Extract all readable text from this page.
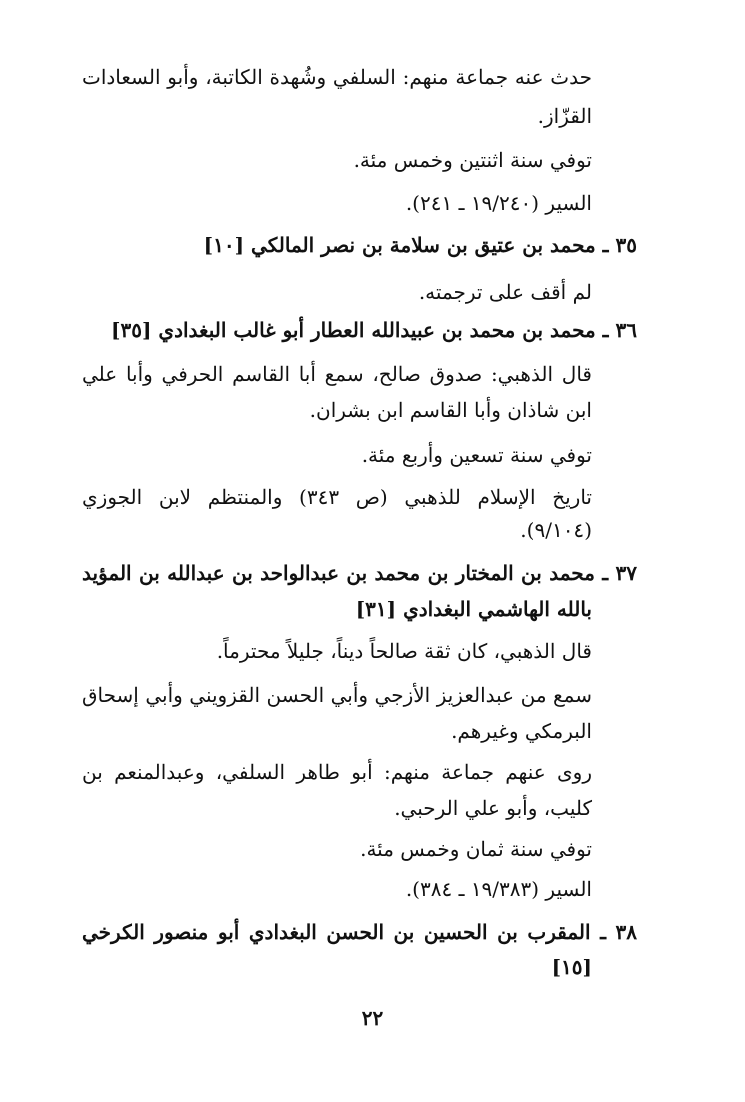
حدث عنه جماعة منهم: السلفي وشُهدة الكاتبة، وأبو السعادات
القزّاز.
توفي سنة اثنتين وخمس مئة.
السير (١٩/٢٤٠ ـ ٢٤١).
٣٥ ـ محمد بن عتيق بن سلامة بن نصر المالكي [١٠]
لم أقف على ترجمته.
٣٦ ـ محمد بن محمد بن عبيدالله العطار أبو غالب البغدادي [٣٥]
قال الذهبي: صدوق صالح، سمع أبا القاسم الحرفي وأبا علي
ابن شاذان وأبا القاسم ابن بشران.
توفي سنة تسعين وأربع مئة.
تاريخ الإسلام للذهبي (ص ٣٤٣) والمنتظم لابن الجوزي
(٩/١٠٤).
٣٧ ـ محمد بن المختار بن محمد بن عبدالواحد بن عبدالله بن المؤيد
بالله الهاشمي البغدادي [٣١]
قال الذهبي، كان ثقة صالحاً ديناً، جليلاً محترماً.
سمع من عبدالعزيز الأزجي وأبي الحسن القزويني وأبي إسحاق
البرمكي وغيرهم.
روى عنهم جماعة منهم: أبو طاهر السلفي، وعبدالمنعم بن
كليب، وأبو علي الرحبي.
توفي سنة ثمان وخمس مئة.
السير (١٩/٣٨٣ ـ ٣٨٤).
٣٨ ـ المقرب بن الحسين بن الحسن البغدادي أبو منصور الكرخي
[١٥]
٢٢
